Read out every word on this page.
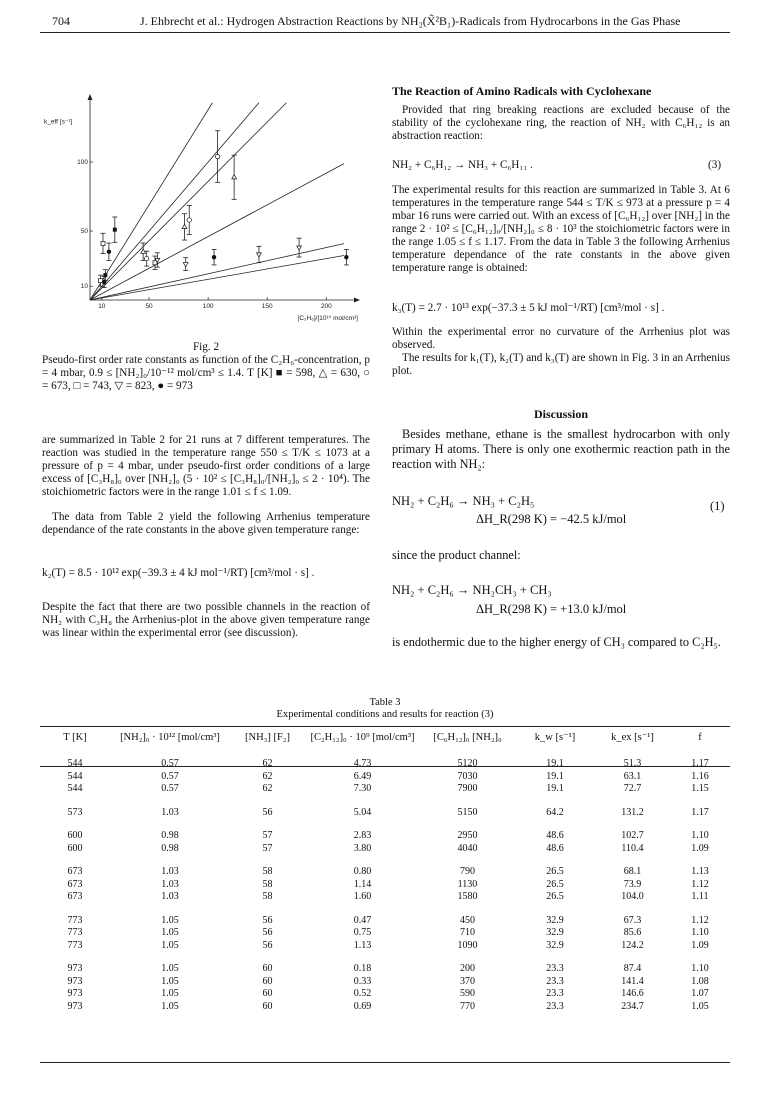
704	J. Ehbrecht et al.: Hydrogen Abstraction Reactions by NH₂(X̃²B₁)-Radicals from Hydrocarbons in the Gas Phase
10	50	100	150	200
10
50
100
k_eff [s⁻¹]
[C₂H₆]/[10¹⁰ mol/cm³]
Fig. 2
Pseudo-first order rate constants as function of the C₂H₆-concentration, p = 4 mbar, 0.9 ≤ [NH₂]₀/10⁻¹² mol/cm³ ≤ 1.4. T [K] ■ = 598, △ = 630, ○ = 673, □ = 743, ▽ = 823, ● = 973
are summarized in Table 2 for 21 runs at 7 different temperatures. The reaction was studied in the temperature range 550 ≤ T/K ≤ 1073 at a pressure of p = 4 mbar, under pseudo-first order conditions of a large excess of [C₃H₈]₀ over [NH₂]₀ (5 · 10² ≤ [C₃H₈]₀/[NH₂]₀ ≤ 2 · 10⁴). The stoichiometric factors were in the range 1.01 ≤ f ≤ 1.09.
The data from Table 2 yield the following Arrhenius temperature dependance of the rate constants in the above given temperature range:
k₂(T) = 8.5 · 10¹² exp(−39.3 ± 4 kJ mol⁻¹/RT) [cm³/mol · s] .
Despite the fact that there are two possible channels in the reaction of NH₂ with C₃H₈ the Arrhenius-plot in the above given temperature range was linear within the experimental error (see discussion).
The Reaction of Amino Radicals with Cyclohexane
Provided that ring breaking reactions are excluded because of the stability of the cyclohexane ring, the reaction of NH₂ with C₆H₁₂ is an abstraction reaction:
NH₂ + C₆H₁₂ → NH₃ + C₆H₁₁ .	(3)
The experimental results for this reaction are summarized in Table 3. At 6 temperatures in the temperature range 544 ≤ T/K ≤ 973 at a pressure p = 4 mbar 16 runs were carried out. With an excess of [C₆H₁₂] over [NH₂] in the range 2 · 10² ≤ [C₆H₁₂]₀/[NH₂]₀ ≤ 8 · 10³ the stoichiometric factors were in the range 1.05 ≤ f ≤ 1.17. From the data in Table 3 the following Arrhenius temperature dependance of the rate constants in the above given temperature range is obtained:
k₃(T) = 2.7 · 10¹³ exp(−37.3 ± 5 kJ mol⁻¹/RT) [cm³/mol · s] .
Within the experimental error no curvature of the Arrhenius plot was observed.
The results for k₁(T), k₂(T) and k₃(T) are shown in Fig. 3 in an Arrhenius plot.
Discussion
Besides methane, ethane is the smallest hydrocarbon with only primary H atoms. There is only one exothermic reaction path in the reaction with NH₂:
NH₂ + C₂H₆ → NH₃ + C₂H₅	(1)
ΔH_R(298 K) = −42.5 kJ/mol
since the product channel:
NH₂ + C₂H₆ → NH₂CH₃ + CH₃
ΔH_R(298 K) = +13.0 kJ/mol
is endothermic due to the higher energy of CH₃ compared to C₂H₅.
Table 3
Experimental conditions and results for reaction (3)
T [K]	[NH₂]₀ · 10¹² [mol/cm³]	[NH₃] [F₂]	[C₂H₁₂]₀ · 10⁹ [mol/cm³]	[C₆H₁₂]₀ [NH₂]₀	k_w [s⁻¹]	k_ex [s⁻¹]	f
544	0.57	62	4.73	5120	19.1	51.3	1.17
544	0.57	62	6.49	7030	19.1	63.1	1.16
544	0.57	62	7.30	7900	19.1	72.7	1.15
573	1.03	56	5.04	5150	64.2	131.2	1.17
600	0.98	57	2.83	2950	48.6	102.7	1.10
600	0.98	57	3.80	4040	48.6	110.4	1.09
673	1.03	58	0.80	790	26.5	68.1	1.13
673	1.03	58	1.14	1130	26.5	73.9	1.12
673	1.03	58	1.60	1580	26.5	104.0	1.11
773	1.05	56	0.47	450	32.9	67.3	1.12
773	1.05	56	0.75	710	32.9	85.6	1.10
773	1.05	56	1.13	1090	32.9	124.2	1.09
973	1.05	60	0.18	200	23.3	87.4	1.10
973	1.05	60	0.33	370	23.3	141.4	1.08
973	1.05	60	0.52	590	23.3	146.6	1.07
973	1.05	60	0.69	770	23.3	234.7	1.05
